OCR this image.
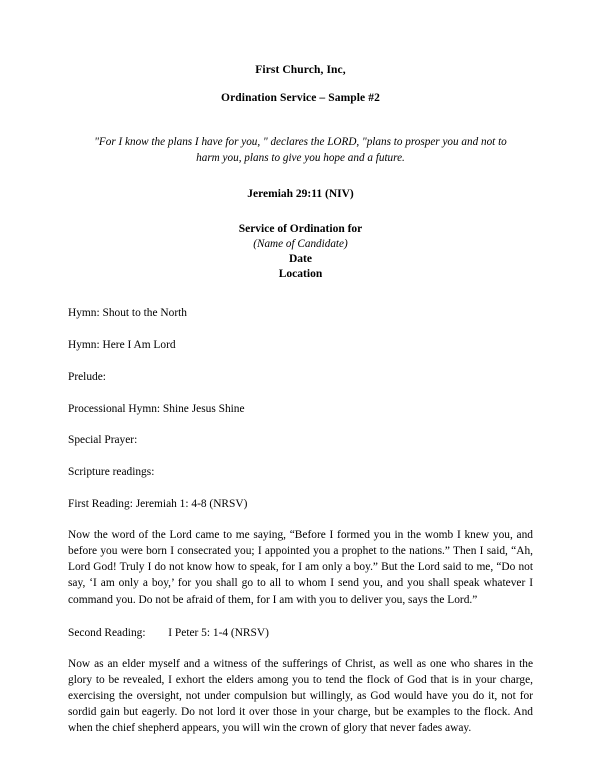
First Church, Inc,
Ordination Service – Sample #2
"For I know the plans I have for you, " declares the LORD, "plans to prosper you and not to
harm you, plans to give you hope and a future.
Jeremiah 29:11 (NIV)
Service of Ordination for
(Name of Candidate)
Date
Location
Hymn: Shout to the North
Hymn: Here I Am Lord
Prelude:
Processional Hymn: Shine Jesus Shine
Special Prayer:
Scripture readings:
First Reading: Jeremiah 1: 4-8 (NRSV)

Now the word of the Lord came to me saying, “Before I formed you in the womb I knew you, and before you were born I consecrated you; I appointed you a prophet to the nations.” Then I said, “Ah, Lord God! Truly I do not know how to speak, for I am only a boy.” But the Lord said to me, “Do not say, ‘I am only a boy,’ for you shall go to all to whom I send you, and you shall speak whatever I command you. Do not be afraid of them, for I am with you to deliver you, says the Lord.”

Second Reading:        I Peter 5: 1-4 (NRSV)

Now as an elder myself and a witness of the sufferings of Christ, as well as one who shares in the glory to be revealed, I exhort the elders among you to tend the flock of God that is in your charge, exercising the oversight, not under compulsion but willingly, as God would have you do it, not for sordid gain but eagerly. Do not lord it over those in your charge, but be examples to the flock. And when the chief shepherd appears, you will win the crown of glory that never fades away.
